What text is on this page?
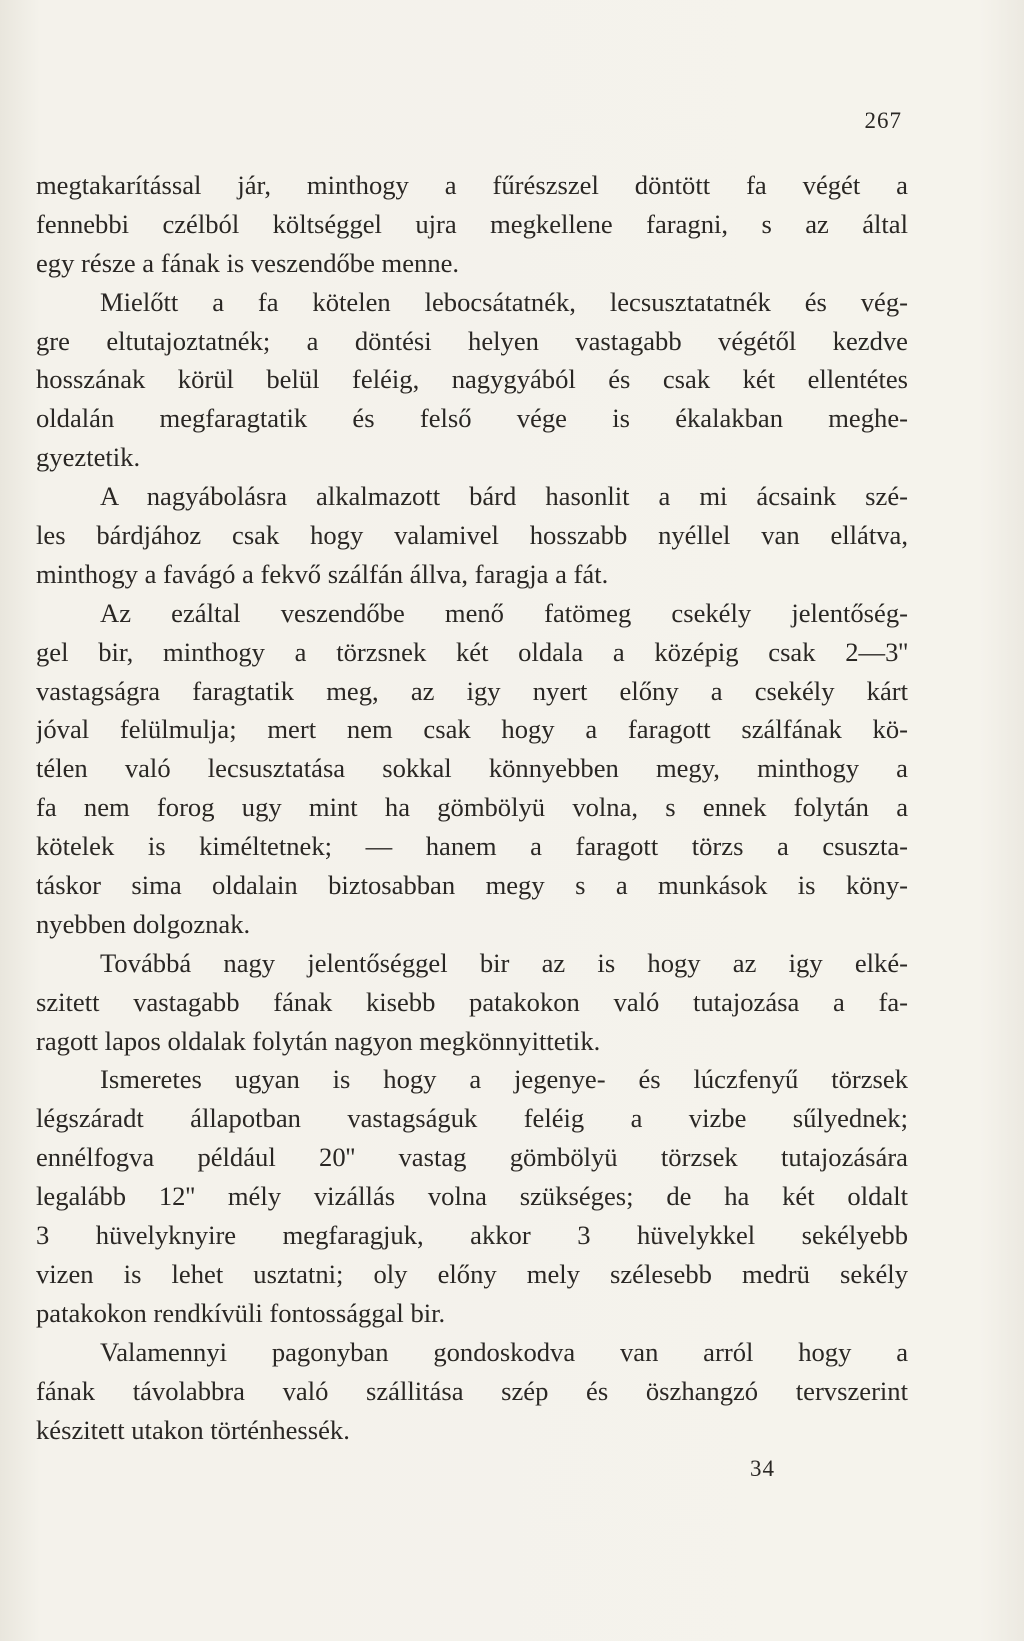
267
megtakarítással jár, minthogy a fűrészszel döntött fa végét a
fennebbi czélból költséggel ujra megkellene faragni, s az által
egy része a fának is veszendőbe menne.
Mielőtt a fa kötelen lebocsátatnék, lecsusztatatnék és vég-
gre eltutajoztatnék; a döntési helyen vastagabb végétől kezdve
hosszának körül belül feléig, nagygyából és csak két ellentétes
oldalán megfaragtatik és felső vége is ékalakban meghe-
gyeztetik.
A nagyábolásra alkalmazott bárd hasonlit a mi ácsaink szé-
les bárdjához csak hogy valamivel hosszabb nyéllel van ellátva,
minthogy a favágó a fekvő szálfán állva, faragja a fát.
Az ezáltal veszendőbe menő fatömeg csekély jelentőség-
gel bir, minthogy a törzsnek két oldala a középig csak 2—3''
vastagságra faragtatik meg, az igy nyert előny a csekély kárt
jóval felülmulja; mert nem csak hogy a faragott szálfának kö-
télen való lecsusztatása sokkal könnyebben megy, minthogy a
fa nem forog ugy mint ha gömbölyü volna, s ennek folytán a
kötelek is kiméltetnek; — hanem a faragott törzs a csuszta-
táskor sima oldalain biztosabban megy s a munkások is köny-
nyebben dolgoznak.
Továbbá nagy jelentőséggel bir az is hogy az igy elké-
szitett vastagabb fának kisebb patakokon való tutajozása a fa-
ragott lapos oldalak folytán nagyon megkönnyittetik.
Ismeretes ugyan is hogy a jegenye- és lúczfenyű törzsek
légszáradt állapotban vastagságuk feléig a vizbe sűlyednek;
ennélfogva például 20'' vastag gömbölyü törzsek tutajozására
legalább 12'' mély vizállás volna szükséges; de ha két oldalt
3 hüvelyknyire megfaragjuk, akkor 3 hüvelykkel sekélyebb
vizen is lehet usztatni; oly előny mely szélesebb medrü sekély
patakokon rendkívüli fontossággal bir.
Valamennyi pagonyban gondoskodva van arról hogy a
fának távolabbra való szállitása szép és öszhangzó tervszerint
készitett utakon történhessék.
34
